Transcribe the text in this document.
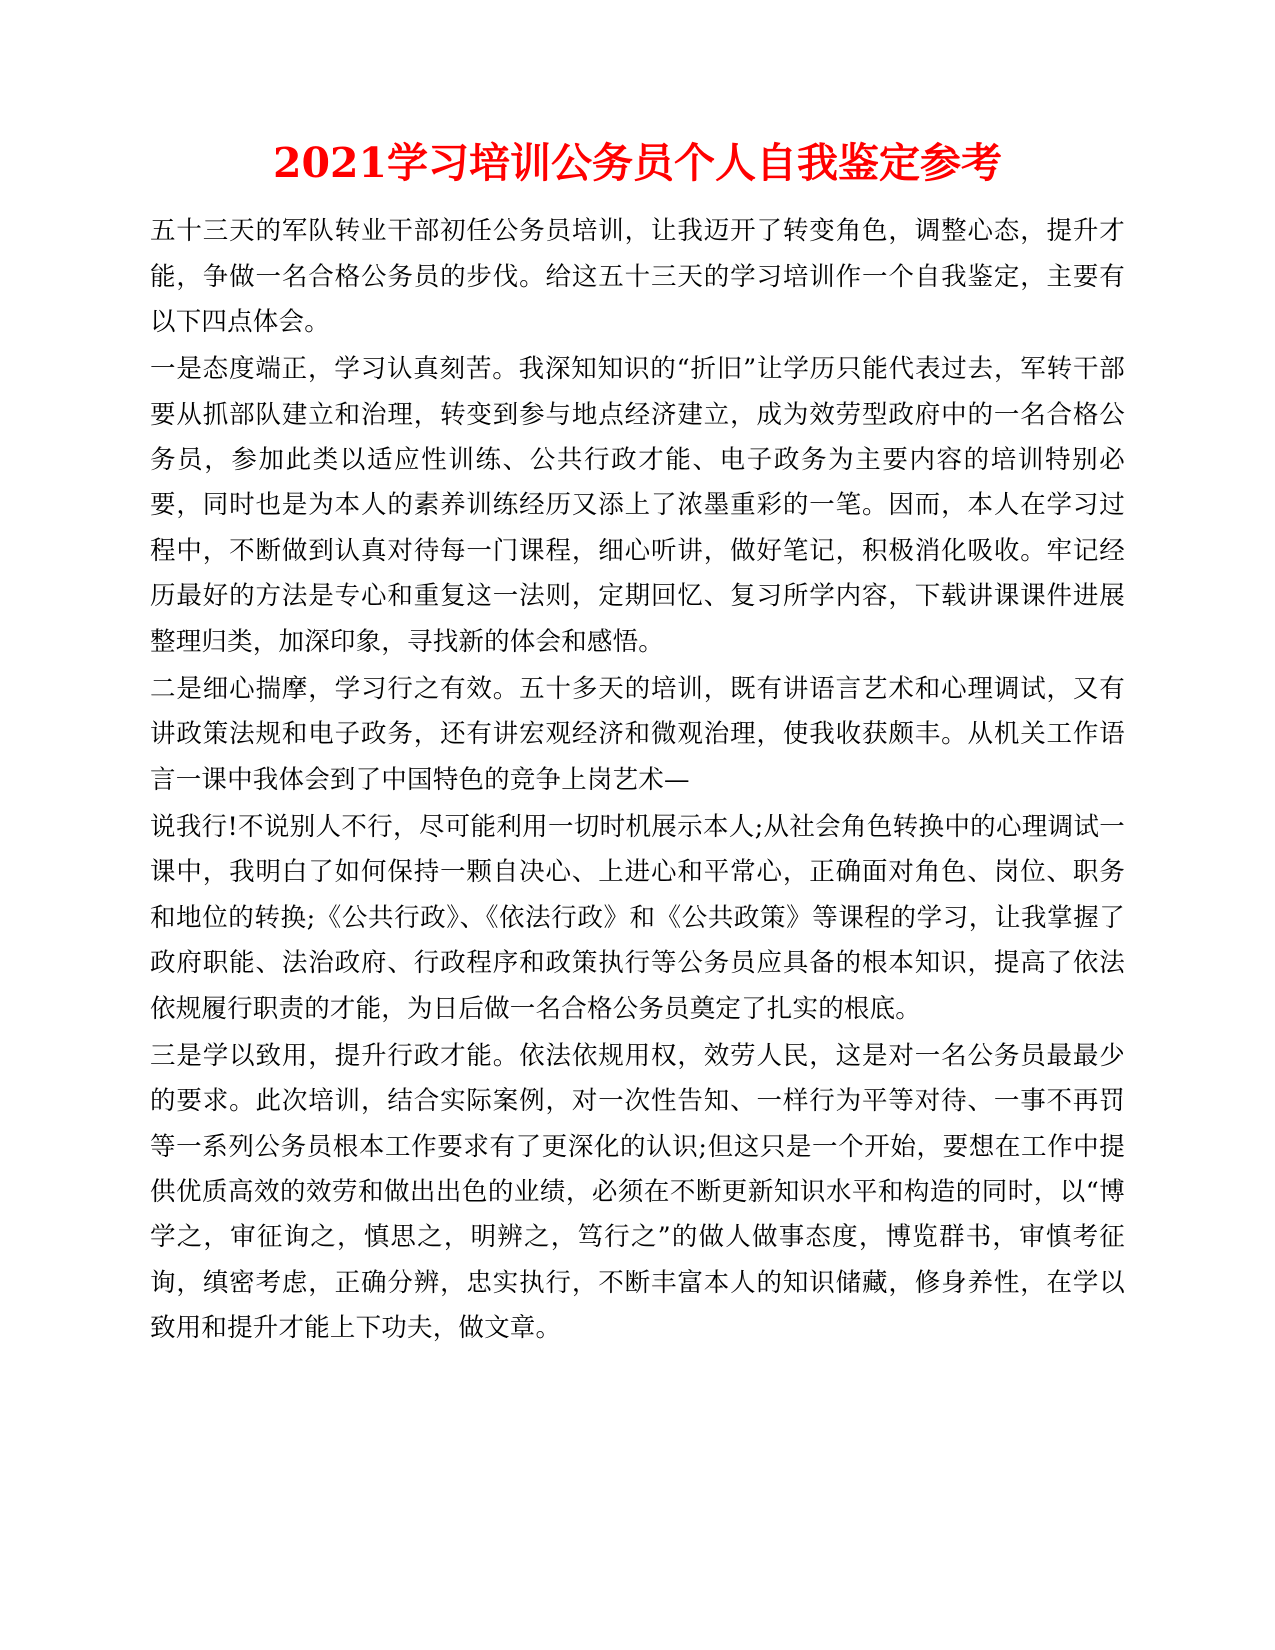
2021学习培训公务员个人自我鉴定参考

五十三天的军队转业干部初任公务员培训，让我迈开了转变角色，调整心态，提升才能，争做一名合格公务员的步伐。给这五十三天的学习培训作一个自我鉴定，主要有以下四点体会。

一是态度端正，学习认真刻苦。我深知知识的“折旧”让学历只能代表过去，军转干部要从抓部队建立和治理，转变到参与地点经济建立，成为效劳型政府中的一名合格公务员，参加此类以适应性训练、公共行政才能、电子政务为主要内容的培训特别必要，同时也是为本人的素养训练经历又添上了浓墨重彩的一笔。因而，本人在学习过程中，不断做到认真对待每一门课程，细心听讲，做好笔记，积极消化吸收。牢记经历最好的方法是专心和重复这一法则，定期回忆、复习所学内容，下载讲课课件进展整理归类，加深印象，寻找新的体会和感悟。

二是细心揣摩，学习行之有效。五十多天的培训，既有讲语言艺术和心理调试，又有讲政策法规和电子政务，还有讲宏观经济和微观治理，使我收获颇丰。从机关工作语言一课中我体会到了中国特色的竞争上岗艺术—

说我行!不说别人不行，尽可能利用一切时机展示本人;从社会角色转换中的心理调试一课中，我明白了如何保持一颗自决心、上进心和平常心，正确面对角色、岗位、职务和地位的转换;《公共行政》、《依法行政》和《公共政策》等课程的学习，让我掌握了政府职能、法治政府、行政程序和政策执行等公务员应具备的根本知识，提高了依法依规履行职责的才能，为日后做一名合格公务员奠定了扎实的根底。

三是学以致用，提升行政才能。依法依规用权，效劳人民，这是对一名公务员最最少的要求。此次培训，结合实际案例，对一次性告知、一样行为平等对待、一事不再罚等一系列公务员根本工作要求有了更深化的认识;但这只是一个开始，要想在工作中提供优质高效的效劳和做出出色的业绩，必须在不断更新知识水平和构造的同时，以“博学之，审征询之，慎思之，明辨之，笃行之”的做人做事态度，博览群书，审慎考征询，缜密考虑，正确分辨，忠实执行，不断丰富本人的知识储藏，修身养性，在学以致用和提升才能上下功夫，做文章。
